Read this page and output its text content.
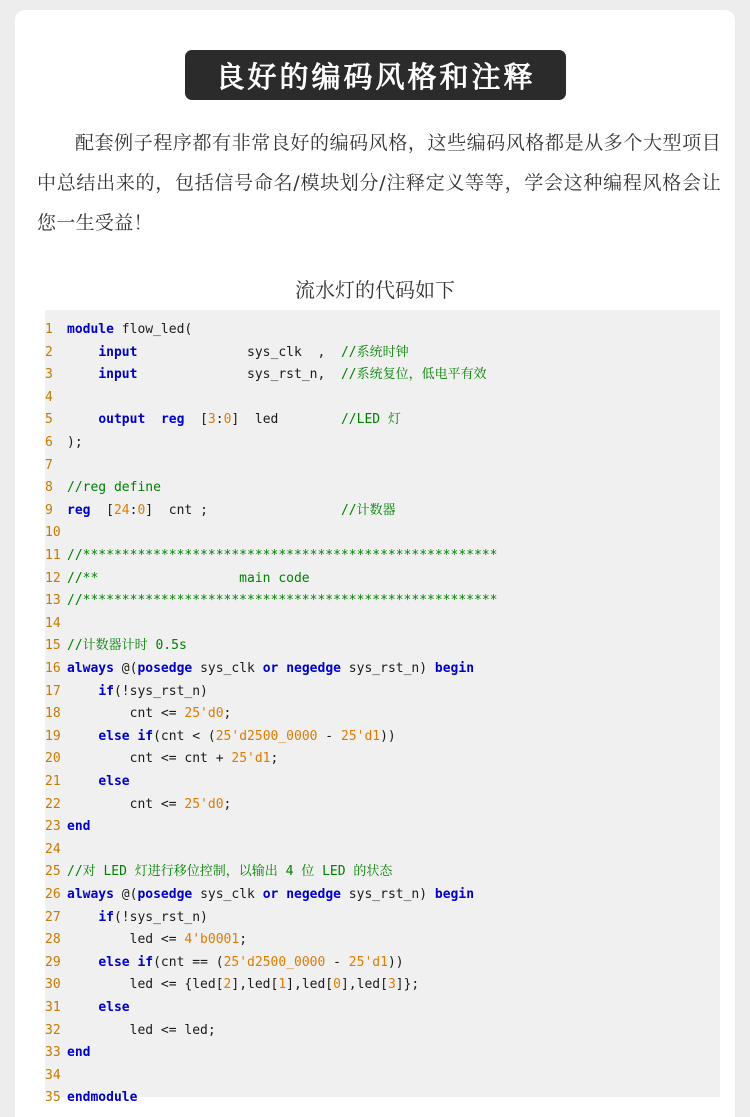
良好的编码风格和注释

配套例子程序都有非常良好的编码风格，这些编码风格都是从多个大型项目中总结出来的，包括信号命名/模块划分/注释定义等等，学会这种编程风格会让您一生受益！

流水灯的代码如下
1 module flow_led(
2	input              sys_clk  ,  //系统时钟
3	input              sys_rst_n,  //系统复位，低电平有效
4
5	output reg  [3:0]  led        //LED 灯
6 );
7
8 //reg define
9 reg  [24:0]  cnt ;                 //计数器
10
11 //*****************************************************
12 //**                  main code
13 //*****************************************************
14
15 //计数器计时 0.5s
16 always @(posedge sys_clk or negedge sys_rst_n) begin
17	if(!sys_rst_n)
18        cnt <= 25'd0;
19	else if(cnt < (25'd2500_0000 - 25'd1))
20        cnt <= cnt + 25'd1;
21	else
22        cnt <= 25'd0;
23 end
24
25 //对 LED 灯进行移位控制，以输出 4 位 LED 的状态
26 always @(posedge sys_clk or negedge sys_rst_n) begin
27	if(!sys_rst_n)
28        led <= 4'b0001;
29	else if(cnt == (25'd2500_0000 - 25'd1))
30        led <= {led[2],led[1],led[0],led[3]};
31	else
32        led <= led;
33 end
34
35 endmodule
